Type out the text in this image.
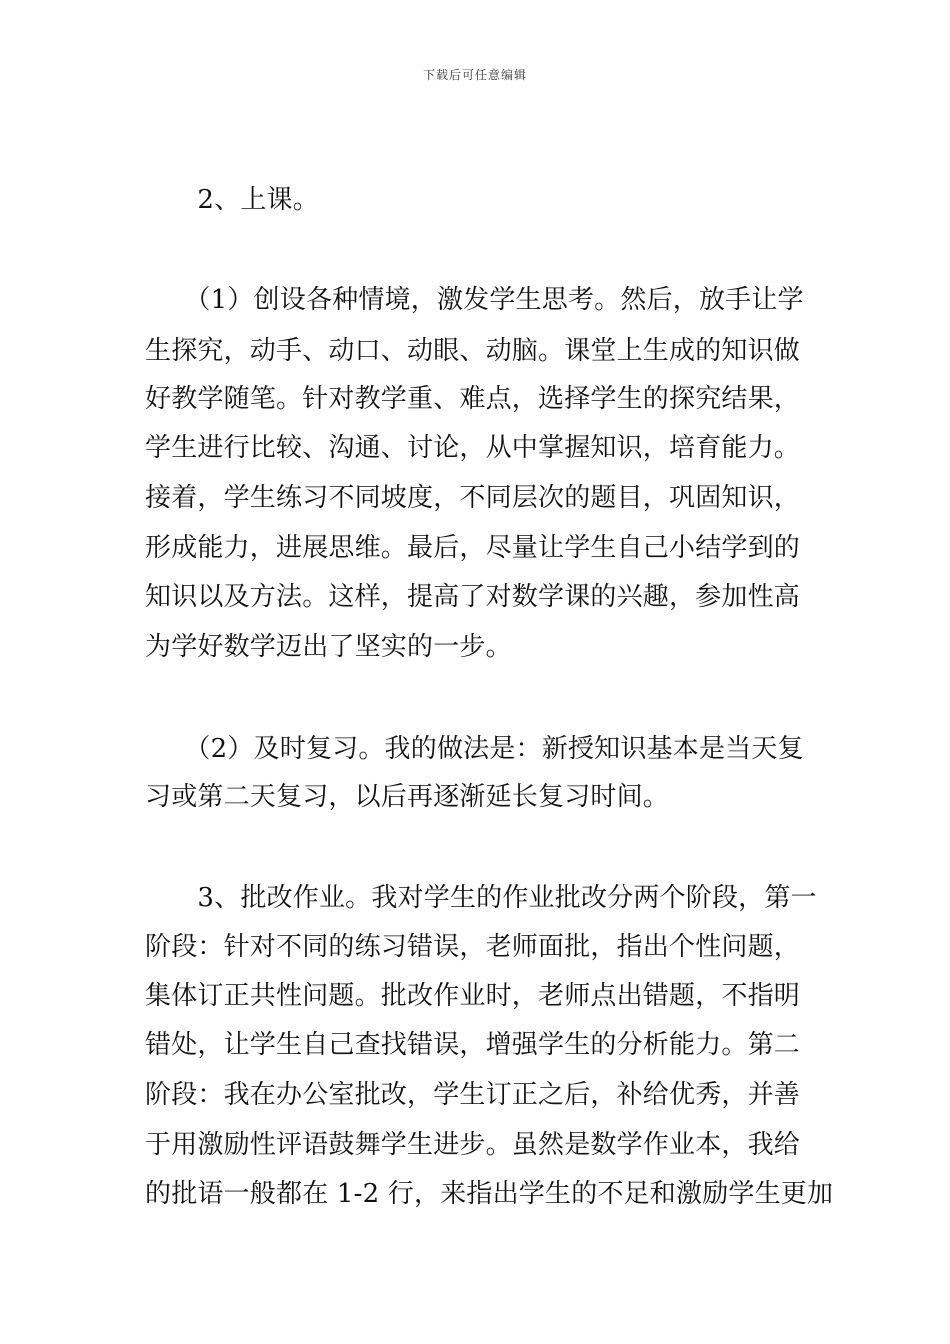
下载后可任意编辑
　　2、上课。
　　（1）创设各种情境，激发学生思考。然后，放手让学
生探究，动手、动口、动眼、动脑。课堂上生成的知识做
好教学随笔。针对教学重、难点，选择学生的探究结果，
学生进行比较、沟通、讨论，从中掌握知识，培育能力。
接着，学生练习不同坡度，不同层次的题目，巩固知识，
形成能力，进展思维。最后，尽量让学生自己小结学到的
知识以及方法。这样，提高了对数学课的兴趣，参加性高
为学好数学迈出了坚实的一步。
　　（2）及时复习。我的做法是：新授知识基本是当天复
习或第二天复习，以后再逐渐延长复习时间。
　　3、批改作业。我对学生的作业批改分两个阶段，第一
阶段：针对不同的练习错误，老师面批，指出个性问题，
集体订正共性问题。批改作业时，老师点出错题，不指明
错处，让学生自己查找错误，增强学生的分析能力。第二
阶段：我在办公室批改，学生订正之后，补给优秀，并善
于用激励性评语鼓舞学生进步。虽然是数学作业本，我给
的批语一般都在 1-2 行，来指出学生的不足和激励学生更加
